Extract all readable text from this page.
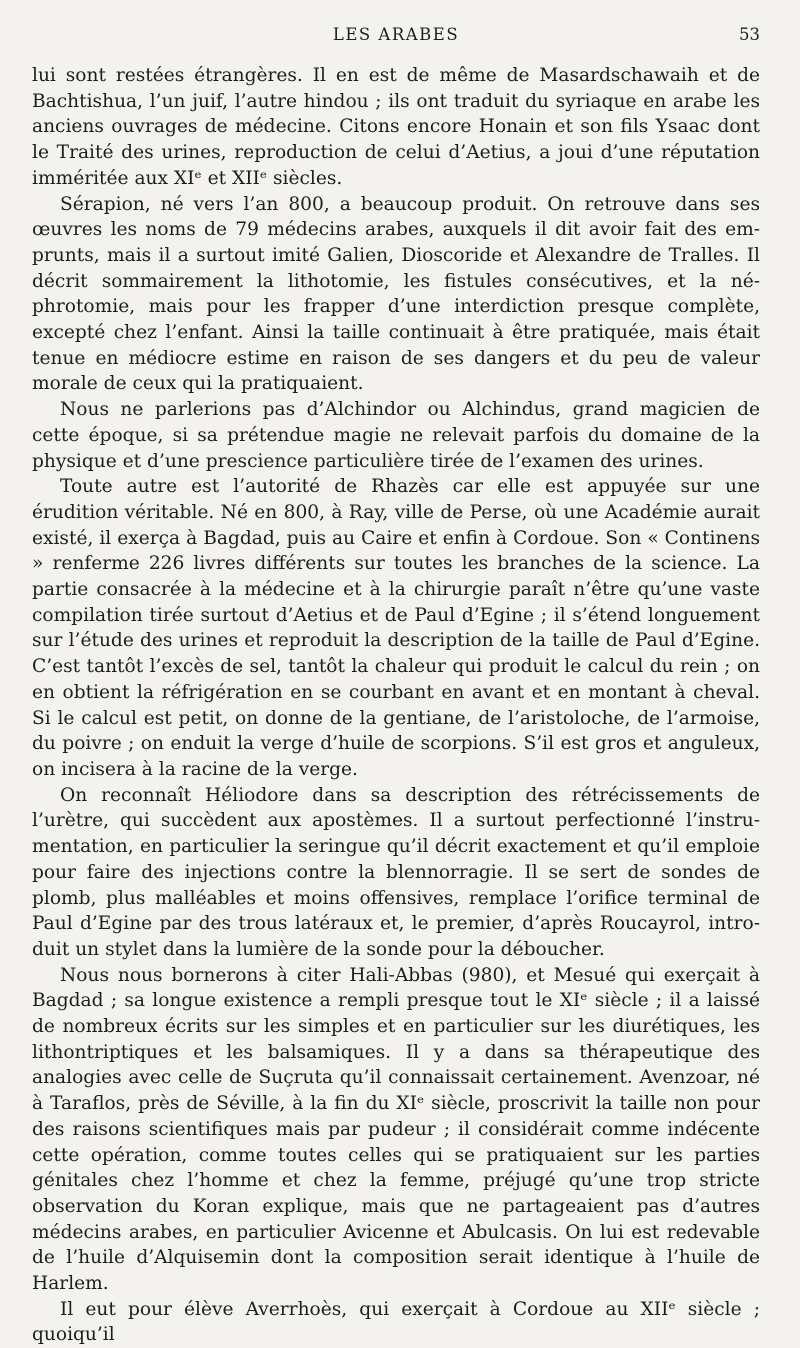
LES ARABES	53

lui sont restées étrangères. Il en est de même de Masardschawaih et de Bachtishua, l’un juif, l’autre hindou ; ils ont traduit du syriaque en arabe les anciens ouvrages de médecine. Citons encore Honain et son fils Ysaac dont le Traité des urines, reproduction de celui d’Aetius, a joui d’une réputation imméritée aux XIᵉ et XIIᵉ siècles.

Sérapion, né vers l’an 800, a beaucoup produit. On retrouve dans ses œuvres les noms de 79 médecins arabes, auxquels il dit avoir fait des emprunts, mais il a surtout imité Galien, Dioscoride et Alexandre de Tralles. Il décrit sommairement la lithotomie, les fistules consécutives, et la néphrotomie, mais pour les frapper d’une interdiction presque complète, excepté chez l’enfant. Ainsi la taille continuait à être pratiquée, mais était tenue en médiocre estime en raison de ses dangers et du peu de valeur morale de ceux qui la pratiquaient.

Nous ne parlerions pas d’Alchindor ou Alchindus, grand magicien de cette époque, si sa prétendue magie ne relevait parfois du domaine de la physique et d’une prescience particulière tirée de l’examen des urines.

Toute autre est l’autorité de Rhazès car elle est appuyée sur une érudition véritable. Né en 800, à Ray, ville de Perse, où une Académie aurait existé, il exerça à Bagdad, puis au Caire et enfin à Cordoue. Son « Continens » renferme 226 livres différents sur toutes les branches de la science. La partie consacrée à la médecine et à la chirurgie paraît n’être qu’une vaste compilation tirée surtout d’Aetius et de Paul d’Egine ; il s’étend longuement sur l’étude des urines et reproduit la description de la taille de Paul d’Egine. C’est tantôt l’excès de sel, tantôt la chaleur qui produit le calcul du rein ; on en obtient la réfrigération en se courbant en avant et en montant à cheval. Si le calcul est petit, on donne de la gentiane, de l’aristoloche, de l’armoise, du poivre ; on enduit la verge d’huile de scorpions. S’il est gros et anguleux, on incisera à la racine de la verge.

On reconnaît Héliodore dans sa description des rétrécissements de l’urètre, qui succèdent aux apostèmes. Il a surtout perfectionné l’instrumentation, en particulier la seringue qu’il décrit exactement et qu’il emploie pour faire des injections contre la blennorragie. Il se sert de sondes de plomb, plus malléables et moins offensives, remplace l’orifice terminal de Paul d’Egine par des trous latéraux et, le premier, d’après Roucayrol, introduit un stylet dans la lumière de la sonde pour la déboucher.

Nous nous bornerons à citer Hali-Abbas (980), et Mesué qui exerçait à Bagdad ; sa longue existence a rempli presque tout le XIᵉ siècle ; il a laissé de nombreux écrits sur les simples et en particulier sur les diurétiques, les lithontriptiques et les balsamiques. Il y a dans sa thérapeutique des analogies avec celle de Suçruta qu’il connaissait certainement. Avenzoar, né à Taraflos, près de Séville, à la fin du XIᵉ siècle, proscrivit la taille non pour des raisons scientifiques mais par pudeur ; il considérait comme indécente cette opération, comme toutes celles qui se pratiquaient sur les parties génitales chez l’homme et chez la femme, préjugé qu’une trop stricte observation du Koran explique, mais que ne partageaient pas d’autres médecins arabes, en particulier Avicenne et Abulcasis. On lui est redevable de l’huile d’Alquisemin dont la composition serait identique à l’huile de Harlem.

Il eut pour élève Averrhoès, qui exerçait à Cordoue au XIIᵉ siècle ; quoiqu’il
